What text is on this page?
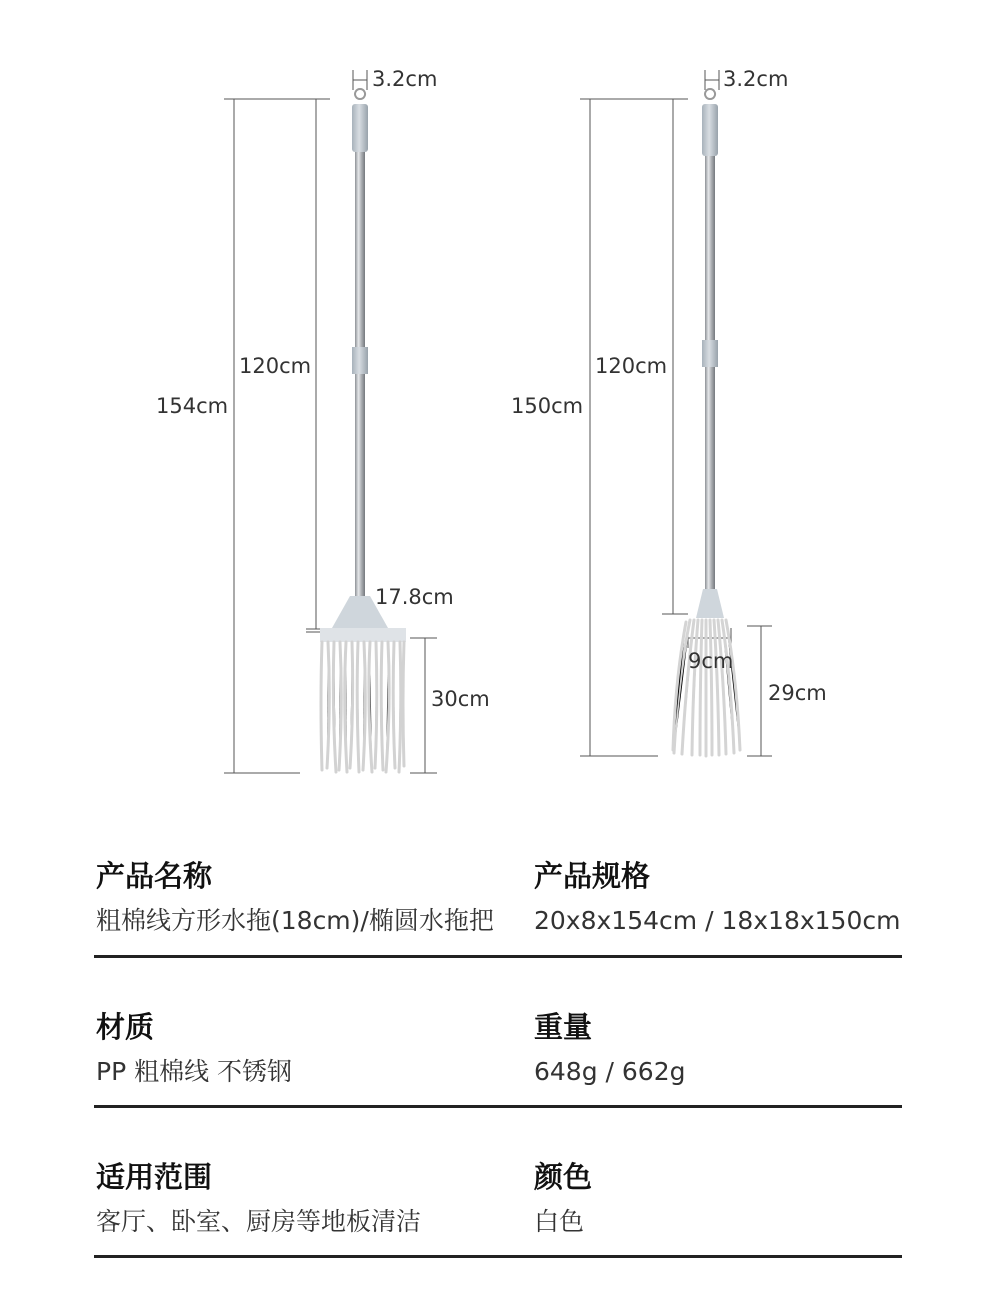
3.2cm
120cm
154cm
17.8cm
30cm
3.2cm
120cm
150cm
9cm
29cm
产品名称
粗棉线方形水拖(18cm)/椭圆水拖把
产品规格
20x8x154cm / 18x18x150cm
材质
PP 粗棉线 不锈钢
重量
648g / 662g
适用范围
客厅、卧室、厨房等地板清洁
颜色
白色
